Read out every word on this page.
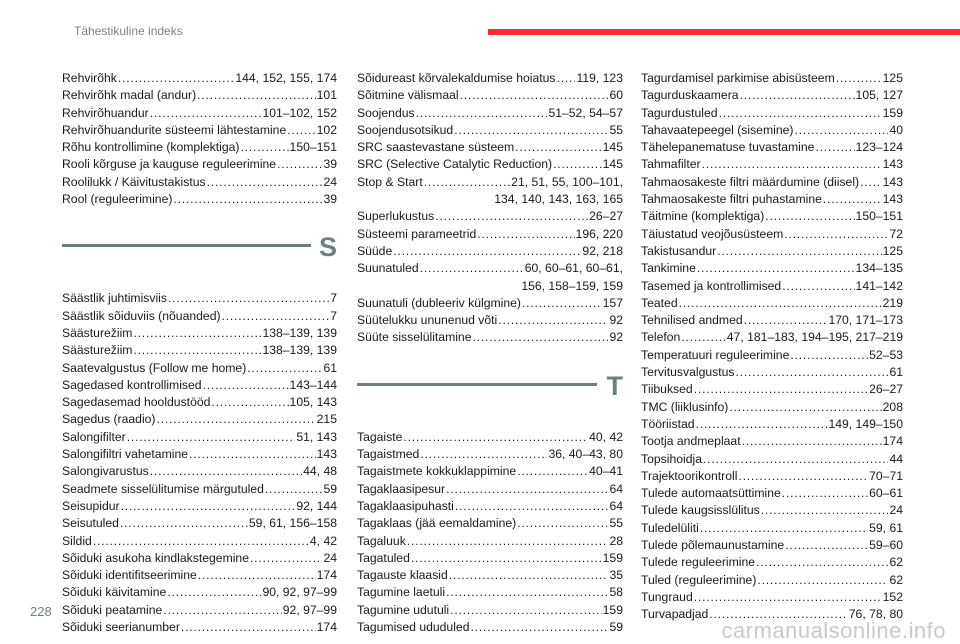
Tähestikuline indeks
Rehvirõhk . . .	144, 152, 155, 174
Rehvirõhk madal (andur) . . .	101
Rehvirõhuandur . . .	101–102, 152
Rehvirõhuandurite süsteemi lähtestamine . . . 102
Rõhu kontrollimine (komplektiga) . . .	150–151
Rooli kõrguse ja kauguse reguleerimine . . .	39
Roolilukk / Käivitustakistus . . .	24
Rool (reguleerimine) . . .	39
S
Säästlik juhtimisviis . . .	7
Säästlik sõiduviis (nõuanded) . . .	7
Säästurežiim . . .	138–139, 139
Säästurežiim . . .	138–139, 139
Saatevalgustus (Follow me home) . . .	61
Sagedased kontrollimised . . .	143–144
Sagedasemad hooldustööd . . .	105, 143
Sagedus (raadio) . . .	215
Salongifilter . . .	51, 143
Salongifiltri vahetamine . . .	143
Salongivarustus . . .	44, 48
Seadmete sisselülitumise märgutuled . . .	59
Seisupidur . . .	92, 144
Seisutuled . . .	59, 61, 156–158
Sildid . . .	4, 42
Sõiduki asukoha kindlakstegemine . . .	24
Sõiduki identifitseerimine . . .	174
Sõiduki käivitamine . . .	90, 92, 97–99
Sõiduki peatamine . . .	92, 97–99
Sõiduki seerianumber . . .	174
Sõidureast kõrvalekaldumise hoiatus . . . 119, 123
Sõitmine välismaal . . .	60
Soojendus . . .	51–52, 54–57
Soojendusotsikud . . .	55
SRC saastevastane süsteem . . .	145
SRC (Selective Catalytic Reduction) . . .	145
Stop & Start . . .	21, 51, 55, 100–101,
134, 140, 143, 163, 165
Superlukustus . . .	26–27
Süsteemi parameetrid . . .	196, 220
Süüde . . .	92, 218
Suunatuled . . .	60, 60–61, 60–61,
156, 158–159, 159
Suunatuli (dubleeriv külgmine) . . .	157
Süütelukku ununenud võti . . .	92
Süüte sisselülitamine . . .	92
T
Tagaiste . . .	40, 42
Tagaistmed . . .	36, 40–43, 80
Tagaistmete kokkuklappimine . . .	40–41
Tagaklaasipesur . . .	64
Tagaklaasipuhasti . . .	64
Tagaklaas (jää eemaldamine) . . .	55
Tagaluuk . . .	28
Tagatuled . . .	159
Tagauste klaasid . . .	35
Tagumine laetuli . . .	58
Tagumine udutuli . . .	159
Tagumised ududuled . . .	59
Tagurdamisel parkimise abisüsteem . . .	125
Tagurduskaamera . . .	105, 127
Tagurdustuled . . .	159
Tahavaatepeegel (sisemine) . . .	40
Tähelepanematuse tuvastamine . . .	123–124
Tahmafilter . . .	143
Tahmaosakeste filtri määrdumine (diisel) . . . 143
Tahmaosakeste filtri puhastamine . . .	143
Täitmine (komplektiga) . . .	150–151
Täiustatud veojõusüsteem . . .	72
Takistusandur . . .	125
Tankimine . . .	134–135
Tasemed ja kontrollimised . . .	141–142
Teated . . .	219
Tehnilised andmed . . .	170, 171–173
Telefon . . .	47, 181–183, 194–195, 217–219
Temperatuuri reguleerimine . . .	52–53
Tervitusvalgustus . . .	61
Tiibuksed . . .	26–27
TMC (liiklusinfo) . . .	208
Tööriistad . . .	149, 149–150
Tootja andmeplaat . . .	174
Topsihoidja . . .	44
Trajektoorikontroll . . .	70–71
Tulede automaatsüttimine . . .	60–61
Tulede kaugsisslülitus . . .	24
Tuledelüliti . . .	59, 61
Tulede põlemaunustamine . . .	59–60
Tulede reguleerimine . . .	62
Tuled (reguleerimine) . . .	62
Tungraud . . .	152
Turvapadjad . . .	76, 78, 80
228
carmanualsonline.info
